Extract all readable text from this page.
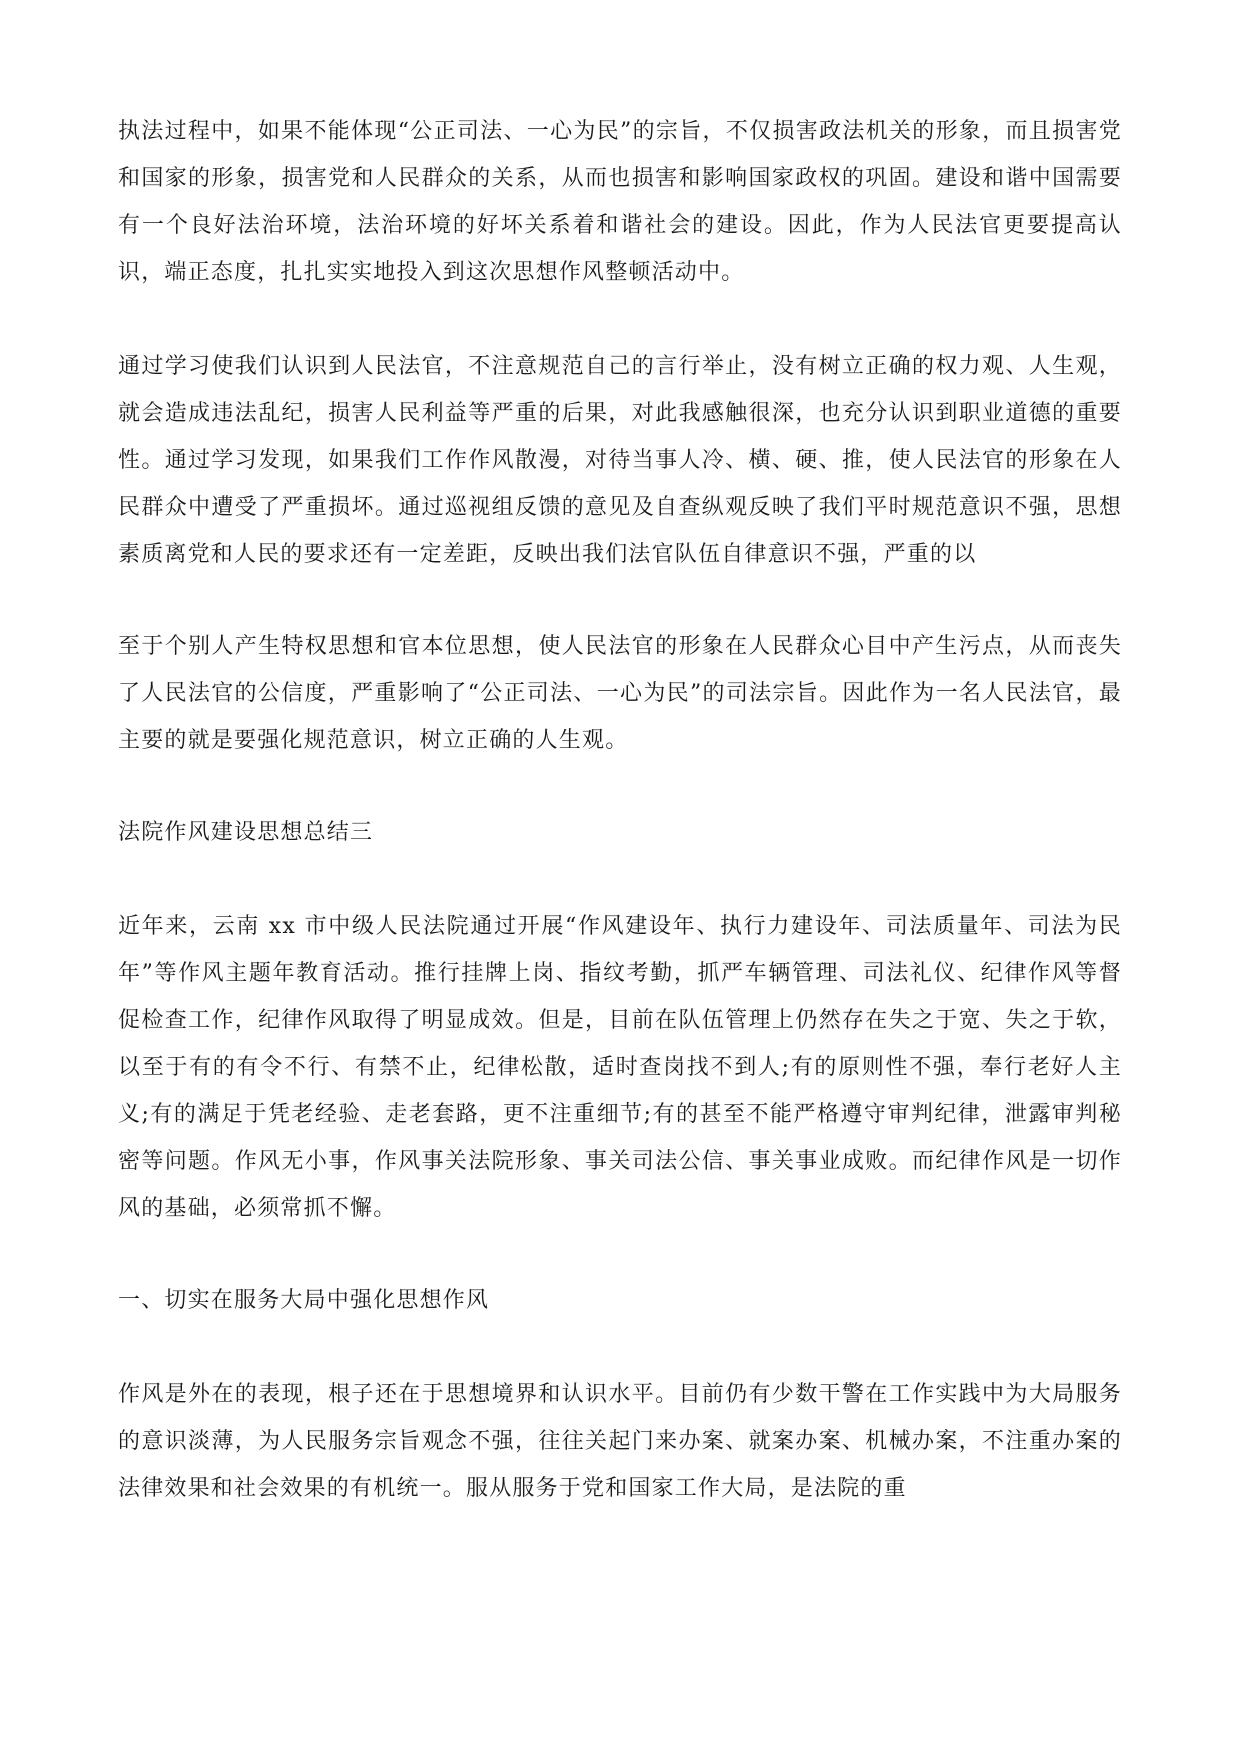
执法过程中，如果不能体现“公正司法、一心为民”的宗旨，不仅损害政法机关的形象，而且损害党和国家的形象，损害党和人民群众的关系，从而也损害和影响国家政权的巩固。建设和谐中国需要有一个良好法治环境，法治环境的好坏关系着和谐社会的建设。因此，作为人民法官更要提高认识，端正态度，扎扎实实地投入到这次思想作风整顿活动中。

通过学习使我们认识到人民法官，不注意规范自己的言行举止，没有树立正确的权力观、人生观，就会造成违法乱纪，损害人民利益等严重的后果，对此我感触很深，也充分认识到职业道德的重要性。通过学习发现，如果我们工作作风散漫，对待当事人冷、横、硬、推，使人民法官的形象在人民群众中遭受了严重损坏。通过巡视组反馈的意见及自查纵观反映了我们平时规范意识不强，思想素质离党和人民的要求还有一定差距，反映出我们法官队伍自律意识不强，严重的以

至于个别人产生特权思想和官本位思想，使人民法官的形象在人民群众心目中产生污点，从而丧失了人民法官的公信度，严重影响了“公正司法、一心为民”的司法宗旨。因此作为一名人民法官，最主要的就是要强化规范意识，树立正确的人生观。

法院作风建设思想总结三

近年来，云南 xx 市中级人民法院通过开展“作风建设年、执行力建设年、司法质量年、司法为民年”等作风主题年教育活动。推行挂牌上岗、指纹考勤，抓严车辆管理、司法礼仪、纪律作风等督促检查工作，纪律作风取得了明显成效。但是，目前在队伍管理上仍然存在失之于宽、失之于软，以至于有的有令不行、有禁不止，纪律松散，适时查岗找不到人;有的原则性不强，奉行老好人主义;有的满足于凭老经验、走老套路，更不注重细节;有的甚至不能严格遵守审判纪律，泄露审判秘密等问题。作风无小事，作风事关法院形象、事关司法公信、事关事业成败。而纪律作风是一切作风的基础，必须常抓不懈。

一、切实在服务大局中强化思想作风

作风是外在的表现，根子还在于思想境界和认识水平。目前仍有少数干警在工作实践中为大局服务的意识淡薄，为人民服务宗旨观念不强，往往关起门来办案、就案办案、机械办案，不注重办案的法律效果和社会效果的有机统一。服从服务于党和国家工作大局，是法院的重
